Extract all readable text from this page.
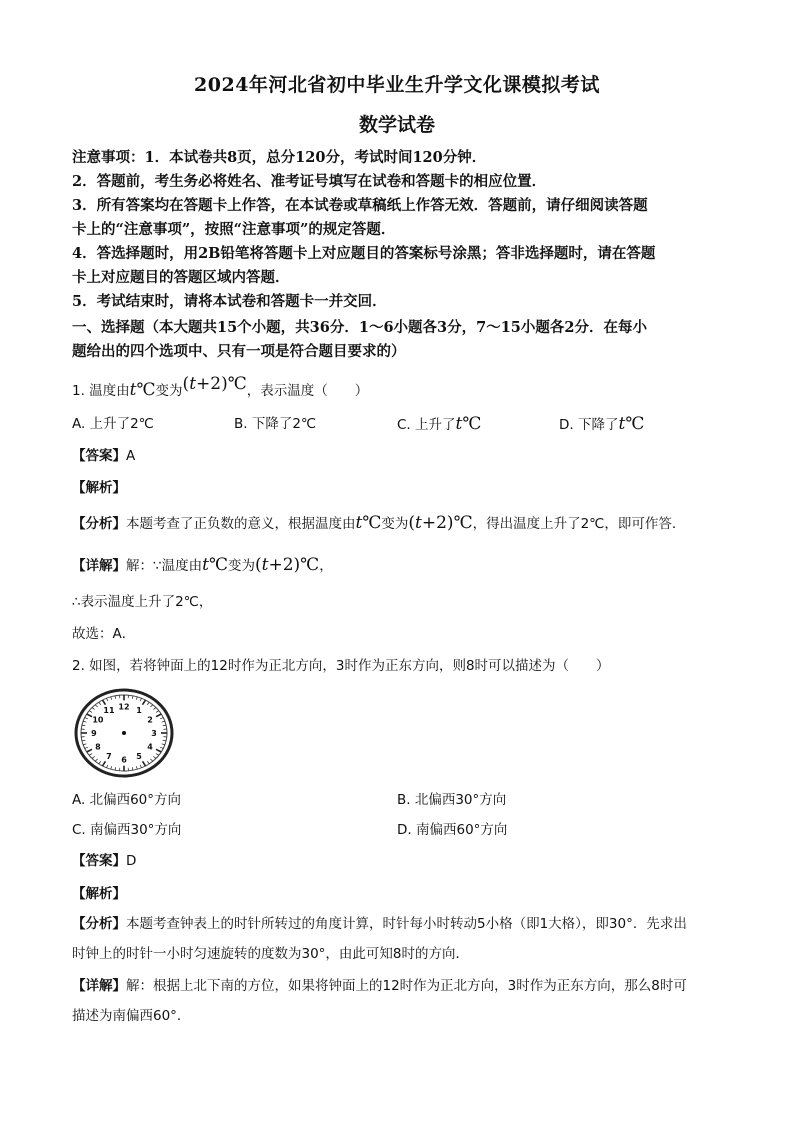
2024年河北省初中毕业生升学文化课模拟考试
数学试卷
注意事项：1．本试卷共8页，总分120分，考试时间120分钟．
2．答题前，考生务必将姓名、准考证号填写在试卷和答题卡的相应位置．
3．所有答案均在答题卡上作答，在本试卷或草稿纸上作答无效．答题前，请仔细阅读答题
卡上的“注意事项”，按照“注意事项”的规定答题．
4．答选择题时，用2B铅笔将答题卡上对应题目的答案标号涂黑；答非选择题时，请在答题
卡上对应题目的答题区域内答题．
5．考试结束时，请将本试卷和答题卡一并交回．
一、选择题（本大题共15个小题，共36分．1～6小题各3分，7～15小题各2分．在每小
题给出的四个选项中、只有一项是符合题目要求的）
1. 温度由t℃变为(t+2)℃，表示温度（　　）
A. 上升了2℃	B. 下降了2℃	C. 上升了t℃	D. 下降了t℃
【答案】A
【解析】
【分析】本题考查了正负数的意义，根据温度由t℃变为(t+2)℃，得出温度上升了2℃，即可作答．
【详解】解：∵温度由t℃变为(t+2)℃，
∴表示温度上升了2℃，
故选：A．
2. 如图，若将钟面上的12时作为正北方向，3时作为正东方向，则8时可以描述为（　　）
12 1
2
3
4
5
6
7
8
9
10
11
A. 北偏西60°方向	B. 北偏西30°方向
C. 南偏西30°方向	D. 南偏西60°方向
【答案】D
【解析】
【分析】本题考查钟表上的时针所转过的角度计算，时针每小时转动5小格（即1大格），即30°．先求出
时钟上的时针一小时匀速旋转的度数为30°，由此可知8时的方向．
【详解】解：根据上北下南的方位，如果将钟面上的12时作为正北方向，3时作为正东方向，那么8时可
描述为南偏西60°．
